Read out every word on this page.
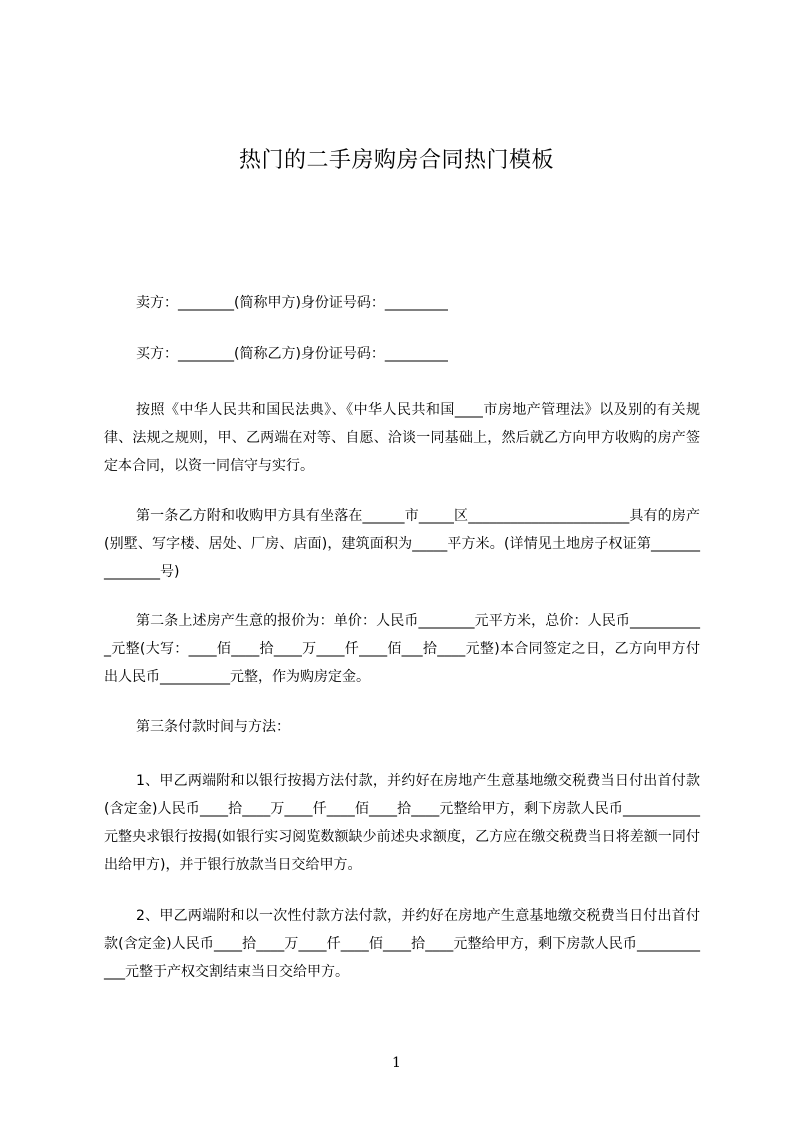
热门的二手房购房合同热门模板

卖方：________(简称甲方)身份证号码：_________

买方：________(简称乙方)身份证号码：_________

按照《中华人民共和国民法典》、《中华人民共和国____市房地产管理法》以及别的有关规律、法规之规则，甲、乙两端在对等、自愿、洽谈一同基础上，然后就乙方向甲方收购的房产签定本合同，以资一同信守与实行。

第一条乙方附和收购甲方具有坐落在______市_____区_______________________具有的房产(别墅、写字楼、居处、厂房、店面)，建筑面积为_____平方米。(详情见土地房子权证第_______________号)

第二条上述房产生意的报价为：单价：人民币________元平方米，总价：人民币___________元整(大写：____佰____拾____万____仟____佰___拾____元整)本合同签定之日，乙方向甲方付出人民币__________元整，作为购房定金。

第三条付款时间与方法：

1、甲乙两端附和以银行按揭方法付款，并约好在房地产生意基地缴交税费当日付出首付款(含定金)人民币____拾____万____仟____佰____拾____元整给甲方，剩下房款人民币___________元整央求银行按揭(如银行实习阅览数额缺少前述央求额度，乙方应在缴交税费当日将差额一同付出给甲方)，并于银行放款当日交给甲方。

2、甲乙两端附和以一次性付款方法付款，并约好在房地产生意基地缴交税费当日付出首付款(含定金)人民币____拾____万____仟____佰____拾____元整给甲方，剩下房款人民币____________元整于产权交割结束当日交给甲方。

1
